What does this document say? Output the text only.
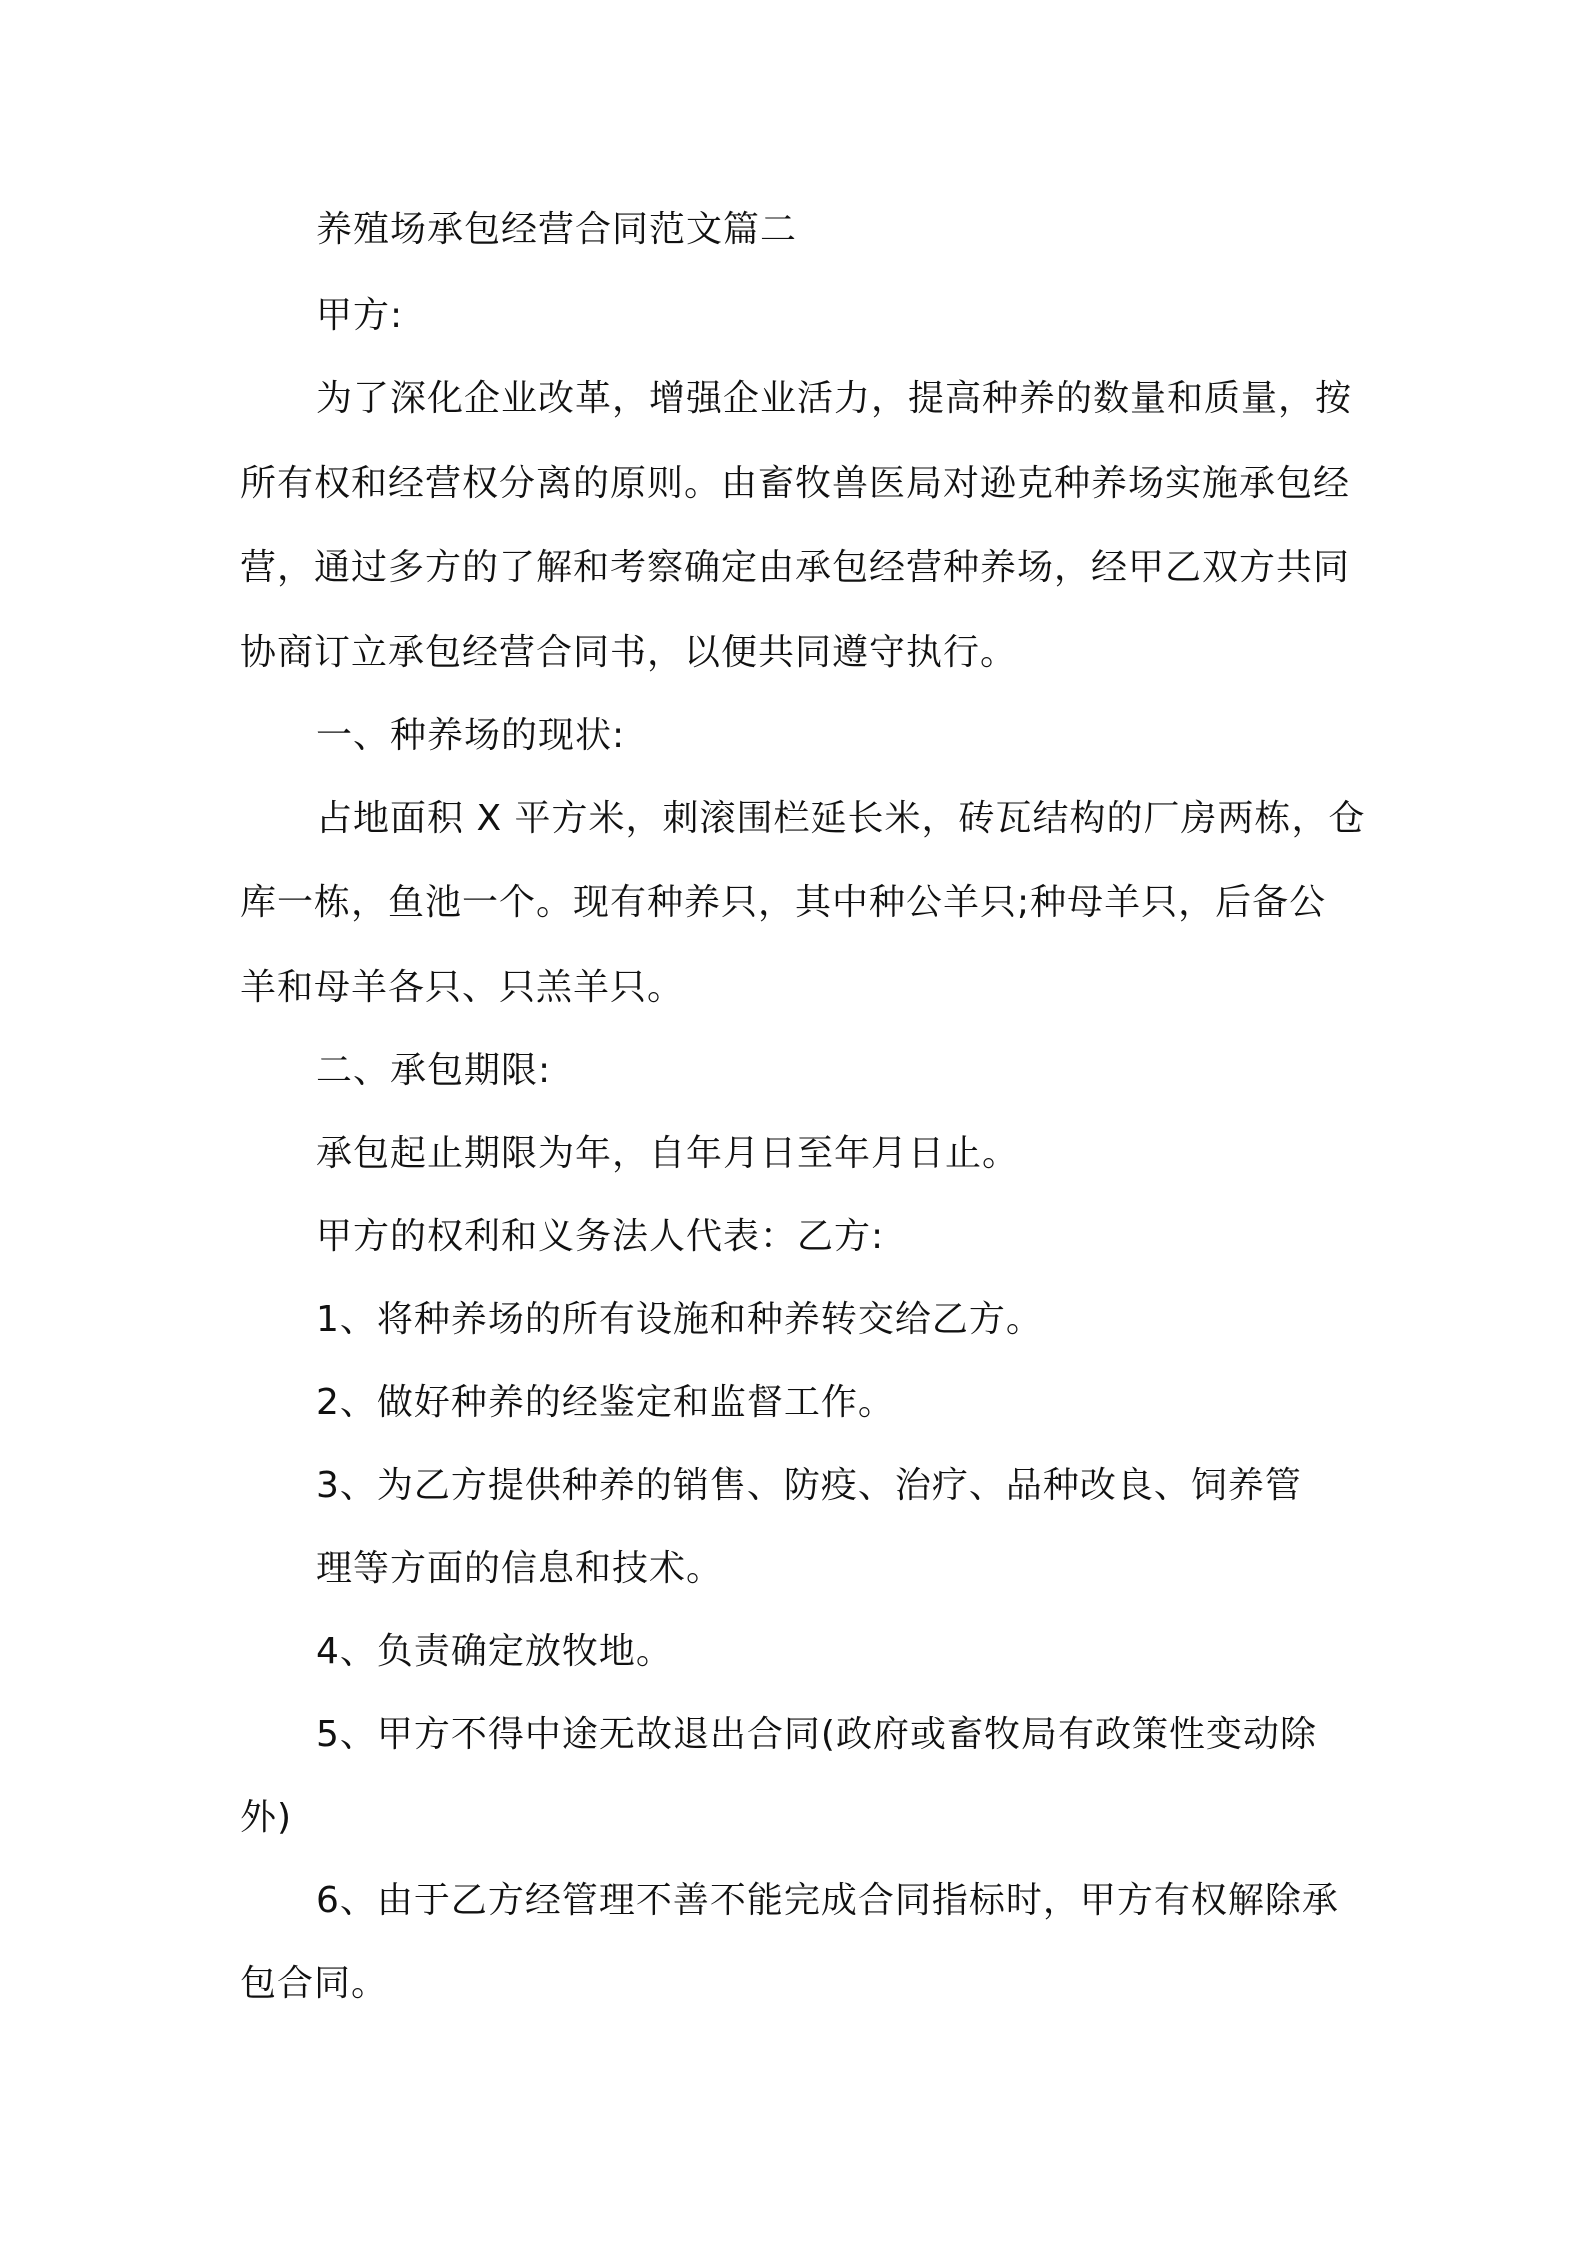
养殖场承包经营合同范文篇二
甲方:
为了深化企业改革，增强企业活力，提高种养的数量和质量，按
所有权和经营权分离的原则。由畜牧兽医局对逊克种养场实施承包经
营，通过多方的了解和考察确定由承包经营种养场，经甲乙双方共同
协商订立承包经营合同书，以便共同遵守执行。
一、种养场的现状:
占地面积 X 平方米，刺滚围栏延长米，砖瓦结构的厂房两栋，仓
库一栋，鱼池一个。现有种养只，其中种公羊只;种母羊只，后备公
羊和母羊各只、只羔羊只。
二、承包期限:
承包起止期限为年，自年月日至年月日止。
甲方的权利和义务法人代表：乙方:
1、将种养场的所有设施和种养转交给乙方。
2、做好种养的经鉴定和监督工作。
3、为乙方提供种养的销售、防疫、治疗、品种改良、饲养管
理等方面的信息和技术。
4、负责确定放牧地。
5、甲方不得中途无故退出合同(政府或畜牧局有政策性变动除
外)
6、由于乙方经管理不善不能完成合同指标时，甲方有权解除承
包合同。
